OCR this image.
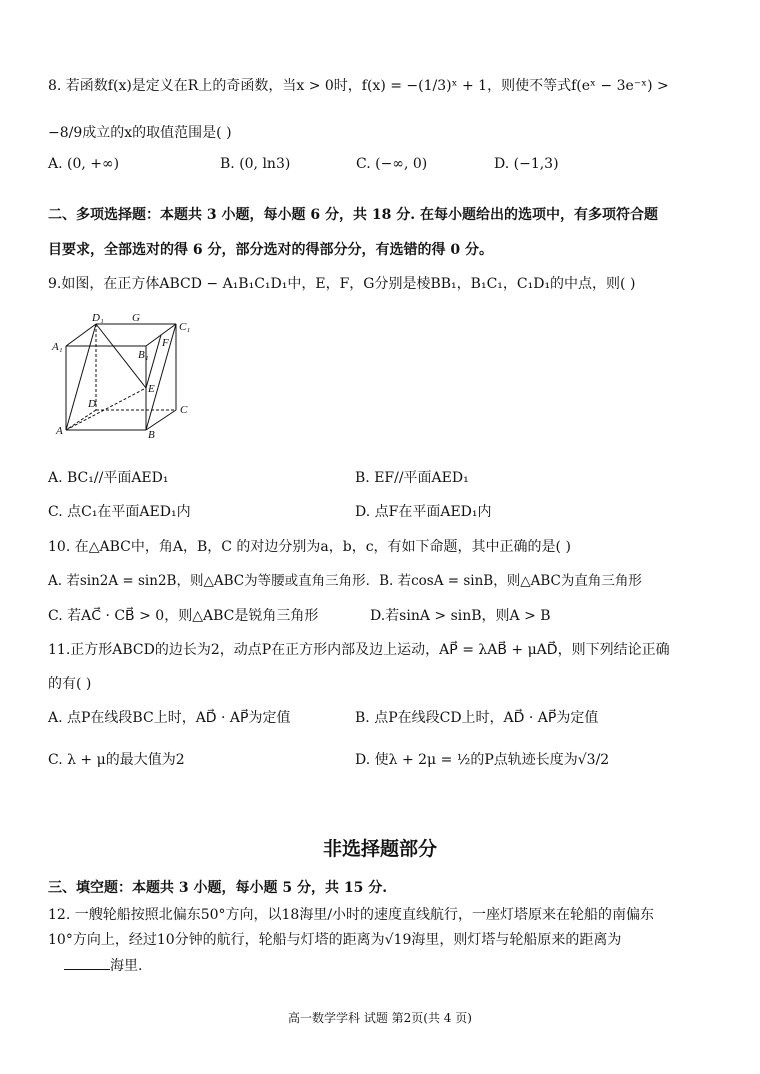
8. 若函数f(x)是定义在R上的奇函数，当x > 0时，f(x) = −(1/3)ˣ + 1，则使不等式f(eˣ − 3e⁻ˣ) >
−8/9成立的x的取值范围是( )
A. (0, +∞)	B. (0, ln3)	C. (−∞, 0)	D. (−1,3)
二、多项选择题：本题共 3 小题，每小题 6 分，共 18 分. 在每小题给出的选项中，有多项符合题
目要求，全部选对的得 6 分，部分选对的得部分分，有选错的得 0 分。
9.如图，在正方体ABCD − A₁B₁C₁D₁中，E，F，G分别是棱BB₁，B₁C₁，C₁D₁的中点，则( )
D₁	G
C₁
A₁
B₁
F
E
D	C
A	B
A. BC₁//平面AED₁	B. EF//平面AED₁
C. 点C₁在平面AED₁内	D. 点F在平面AED₁内
10. 在△ABC中，角A，B，C 的对边分别为a，b，c，有如下命题，其中正确的是( )
A. 若sin2A = sin2B，则△ABC为等腰或直角三角形．B. 若cosA = sinB，则△ABC为直角三角形
C. 若AC⃗ · CB⃗ > 0，则△ABC是锐角三角形	D.若sinA > sinB，则A > B
11.正方形ABCD的边长为2，动点P在正方形内部及边上运动，AP⃗ = λAB⃗ + μAD⃗，则下列结论正确
的有( )
A. 点P在线段BC上时，AD⃗ · AP⃗为定值	B. 点P在线段CD上时，AD⃗ · AP⃗为定值
C. λ + μ的最大值为2	D. 使λ + 2μ = ½的P点轨迹长度为√3/2
非选择题部分
三、填空题：本题共 3 小题，每小题 5 分，共 15 分.
12. 一艘轮船按照北偏东50°方向，以18海里/小时的速度直线航行，一座灯塔原来在轮船的南偏东
10°方向上，经过10分钟的航行，轮船与灯塔的距离为√19海里，则灯塔与轮船原来的距离为
海里.
高一数学学科 试题 第2页(共 4 页)
